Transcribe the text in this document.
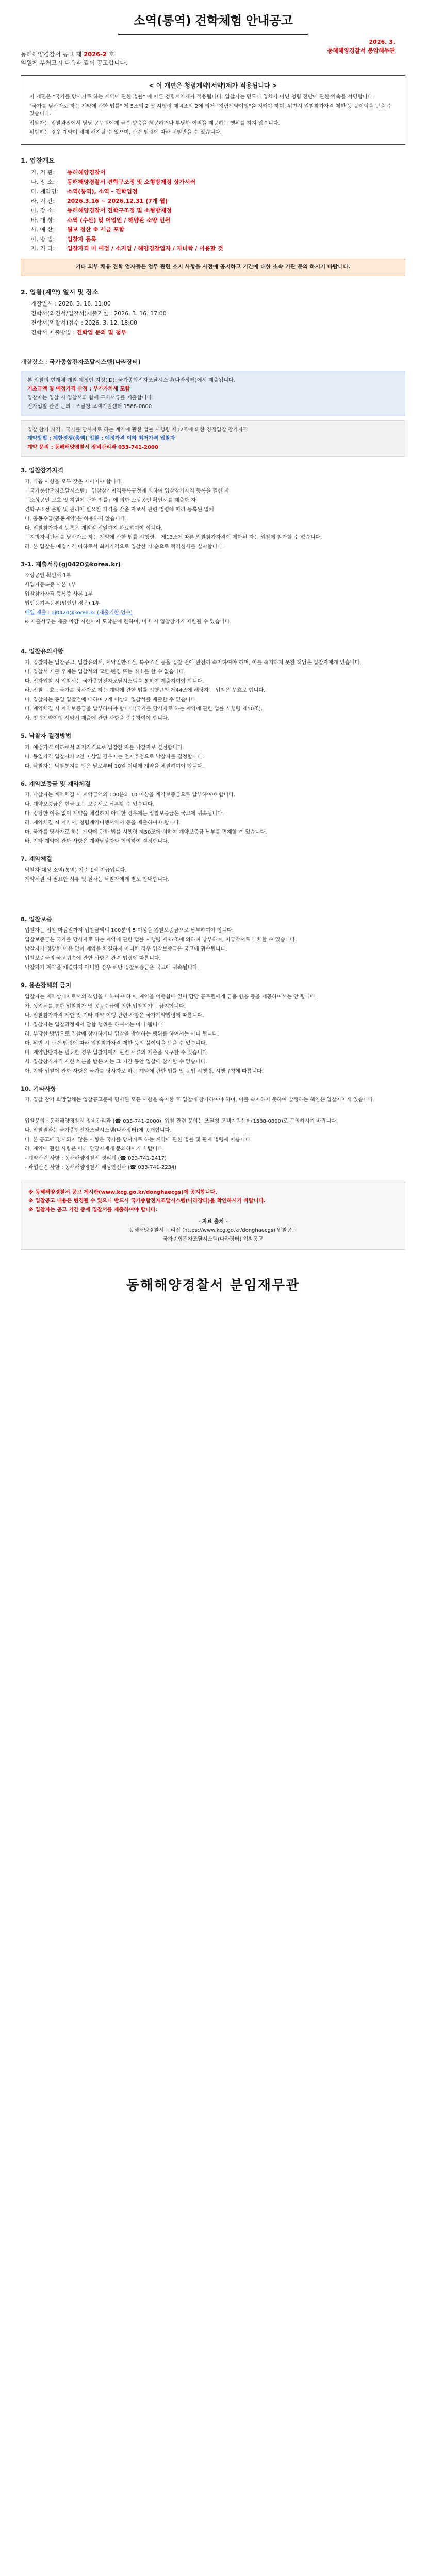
소역(통역) 견학체험 안내공고
2026. 3.
동해해양경찰서 봉암해무관
동해해양경찰서 공고 제 2026-2 호
임원체 부처고지 다음과 같이 공고합니다.
< 이 개편은 청렴계약(서약)제가 적용됩니다 >

이 개편은 "국가를 당사자로 하는 계약에 관한 법률" 에 따른 청렴계약제가 적용됩니다. 입찰자는 민도나 업체가 아닌 청렴 전반에 관한 약속을 서명합니다.

"국가를 당사자로 하는 계약에 관한 법률" 제 5조의 2 및 시행령 제 4조의 2에 의거 "청렴계약이행"을 지켜야 하며, 위반시 입찰참가자격 제한 등 불이익을 받을 수 있습니다.

입찰자는 입찰과정에서 담당 공무원에게 금품·향응을 제공하거나 부당한 이익을 제공하는 행위를 하지 않습니다.

위반하는 경우 계약이 해제·해지될 수 있으며, 관련 법령에 따라 처벌받을 수 있습니다.

1. 입찰개요
가. 기 관:	동해해양경찰서
나. 장 소:	동해해양경찰서 견학구조정 및 소형방제정 상가서러
다. 계약명:	소역(통역), 소역 - 견학업정
라. 기 간:	2026.3.16 ~ 2026.12.31 (7개 월)
마. 장 소:	동해해양경찰서 견학구조정 및 소형방제정
바. 대 상:	소역 (수산) 및 어업인 / 해양관 소양 인원
사. 예 산:	월보 청산 ※ 세금 포함
아. 방 법:	입찰자 등록
자. 기 타:	입찰자격 미 예정 / 소지업 / 해양경찰업자 / 자녀학 / 이용할 것
기타 외부 채용 견학 업자들은 업무 관련 소지 사항을 사전에 공지하고 기간에 대한 소속 기관 문의 하시기 바랍니다.
2. 입찰(계약) 일시 및 장소
개찰일시 : 2026. 3. 16. 11:00
견학서(의견서/입찰서)제출기한 : 2026. 3. 16. 17:00
견학서(입찰서)접수 : 2026. 3. 12. 18:00
견학서 제출방법 : 견학업 문의 및 첨부
개찰장소 : 국가종합전자조달시스템(나라장터)

본 입찰의 현재체 개찰 예정인 지정(ID): 국가종합전자조달시스템(나라장터)에서 제출됩니다.

기초금액 및 예정가격 산정 : 부가가치세 포함

입찰자는 입찰 시 입찰서와 함께 구비서류를 제출합니다.

전자입찰 관련 문의 : 조달청 고객지원센터 1588-0800

입찰 참가 자격 : 국가를 당사자로 하는 계약에 관한 법률 시행령 제12조에 의한 경쟁입찰 참가자격

계약방법 : 제한경쟁(총액) 입찰 : 예정가격 이하 최저가격 입찰자

계약 문의 : 동해해양경찰서 장비관리과 033-741-2000

3. 입찰참가자격

가. 다음 사항을 모두 갖춘 자이어야 합니다.

「국가종합전자조달시스템」 입찰참가자격등록규정에 의하여 입찰참가자격 등록을 필한 자

「소상공인 보호 및 지원에 관한 법률」에 의한 소상공인 확인서를 제출한 자

견학구조정 운항 및 관리에 필요한 자격을 갖춘 자로서 관련 법령에 따라 등록된 업체

나. 공동수급(공동계약)은 허용하지 않습니다.

다. 입찰참가자격 등록은 개찰일 전일까지 완료하여야 합니다.

「지방자치단체를 당사자로 하는 계약에 관한 법률 시행령」 제13조에 따른 입찰참가자격이 제한된 자는 입찰에 참가할 수 없습니다.

라. 본 입찰은 예정가격 이하로서 최저가격으로 입찰한 자 순으로 적격심사를 실시합니다.

3-1. 제출서류(gj0420@korea.kr)

소상공인 확인서 1부

사업자등록증 사본 1부

입찰참가자격 등록증 사본 1부

법인등기부등본(법인인 경우) 1부

메일 제출 : gj0420@korea.kr (제출기한 엄수)

※ 제출서류는 제출 마감 시한까지 도착분에 한하며, 미비 시 입찰참가가 제한될 수 있습니다.

4. 입찰유의사항

가. 입찰자는 입찰공고, 입찰유의서, 계약일반조건, 특수조건 등을 입찰 전에 완전히 숙지하여야 하며, 이를 숙지하지 못한 책임은 입찰자에게 있습니다.

나. 입찰서 제출 후에는 입찰서의 교환·변경 또는 취소를 할 수 없습니다.

다. 전자입찰 시 입찰서는 국가종합전자조달시스템을 통하여 제출하여야 합니다.

라. 입찰 무효 : 국가를 당사자로 하는 계약에 관한 법률 시행규칙 제44조에 해당하는 입찰은 무효로 합니다.

마. 입찰자는 동일 입찰건에 대하여 2개 이상의 입찰서를 제출할 수 없습니다.

바. 계약체결 시 계약보증금을 납부하여야 합니다(국가를 당사자로 하는 계약에 관한 법률 시행령 제50조).

사. 청렴계약이행 서약서 제출에 관한 사항을 준수하여야 합니다.

5. 낙찰자 결정방법

가. 예정가격 이하로서 최저가격으로 입찰한 자를 낙찰자로 결정합니다.

나. 동일가격 입찰자가 2인 이상일 경우에는 전자추첨으로 낙찰자를 결정합니다.

다. 낙찰자는 낙찰통지를 받은 날로부터 10일 이내에 계약을 체결하여야 합니다.

6. 계약보증금 및 계약체결

가. 낙찰자는 계약체결 시 계약금액의 100분의 10 이상을 계약보증금으로 납부하여야 합니다.

나. 계약보증금은 현금 또는 보증서로 납부할 수 있습니다.

다. 정당한 이유 없이 계약을 체결하지 아니한 경우에는 입찰보증금은 국고에 귀속됩니다.

라. 계약체결 시 계약서, 청렴계약이행서약서 등을 제출하여야 합니다.

마. 국가를 당사자로 하는 계약에 관한 법률 시행령 제50조에 의하여 계약보증금 납부를 면제할 수 있습니다.

바. 기타 계약에 관한 사항은 계약담당자와 협의하여 결정합니다.

7. 계약체결

낙찰자 대상 소역(통역) 기준 1식 지급입니다.

계약체결 시 필요한 서류 및 절차는 낙찰자에게 별도 안내합니다.

8. 입찰보증

입찰자는 입찰 마감일까지 입찰금액의 100분의 5 이상을 입찰보증금으로 납부하여야 합니다.

입찰보증금은 국가를 당사자로 하는 계약에 관한 법률 시행령 제37조에 의하여 납부하며, 지급각서로 대체할 수 있습니다.

낙찰자가 정당한 이유 없이 계약을 체결하지 아니한 경우 입찰보증금은 국고에 귀속됩니다.

입찰보증금의 국고귀속에 관한 사항은 관련 법령에 따릅니다.

낙찰자가 계약을 체결하지 아니한 경우 해당 입찰보증금은 국고에 귀속됩니다.

9. 용손장해의 금지

입찰자는 계약상대자로서의 책임을 다하여야 하며, 계약을 이행함에 있어 담당 공무원에게 금품·향응 등을 제공하여서는 안 됩니다.

가. 동업체를 통한 입찰참가 및 공동수급에 의한 입찰참가는 금지합니다.

나. 입찰참가자격 제한 및 기타 계약 이행 관련 사항은 국가계약법령에 따릅니다.

다. 입찰자는 입찰과정에서 담합 행위를 하여서는 아니 됩니다.

라. 부당한 방법으로 입찰에 참가하거나 입찰을 방해하는 행위를 하여서는 아니 됩니다.

마. 위반 시 관련 법령에 따라 입찰참가자격 제한 등의 불이익을 받을 수 있습니다.

바. 계약담당자는 필요한 경우 입찰자에게 관련 서류의 제출을 요구할 수 있습니다.

사. 입찰참가자격 제한 처분을 받은 자는 그 기간 동안 입찰에 참가할 수 없습니다.

아. 기타 입찰에 관한 사항은 국가를 당사자로 하는 계약에 관한 법률 및 동법 시행령, 시행규칙에 따릅니다.

10. 기타사항

가. 입찰 참가 희망업체는 입찰공고문에 명시된 모든 사항을 숙지한 후 입찰에 참가하여야 하며, 이를 숙지하지 못하여 발생하는 책임은 입찰자에게 있습니다.

입찰문의 : 동해해양경찰서 장비관리과 (☎ 033-741-2000), 입찰 관련 문의는 조달청 고객지원센터(1588-0800)로 문의하시기 바랍니다.

나. 입찰결과는 국가종합전자조달시스템(나라장터)에 공개합니다.

다. 본 공고에 명시되지 않은 사항은 국가를 당사자로 하는 계약에 관한 법률 및 관계 법령에 따릅니다.

라. 계약에 관한 사항은 아래 담당자에게 문의하시기 바랍니다.

- 계약관련 사항 : 동해해양경찰서 경리계 (☎ 033-741-2417)

- 과업관련 사항 : 동해해양경찰서 해상안전과 (☎ 033-741-2234)

※ 동해해양경찰서 공고 게시판(www.kcg.go.kr/donghaecgs)에 공지합니다.

※ 입찰공고 내용은 변경될 수 있으니 반드시 국가종합전자조달시스템(나라장터)을 확인하시기 바랍니다.

※ 입찰자는 공고 기간 중에 입찰서를 제출하여야 합니다.

- 자료 출처 -

동해해양경찰서 누리집 (https://www.kcg.go.kr/donghaecgs) 입찰공고

국가종합전자조달시스템(나라장터) 입찰공고

동해해양경찰서 분임재무관
